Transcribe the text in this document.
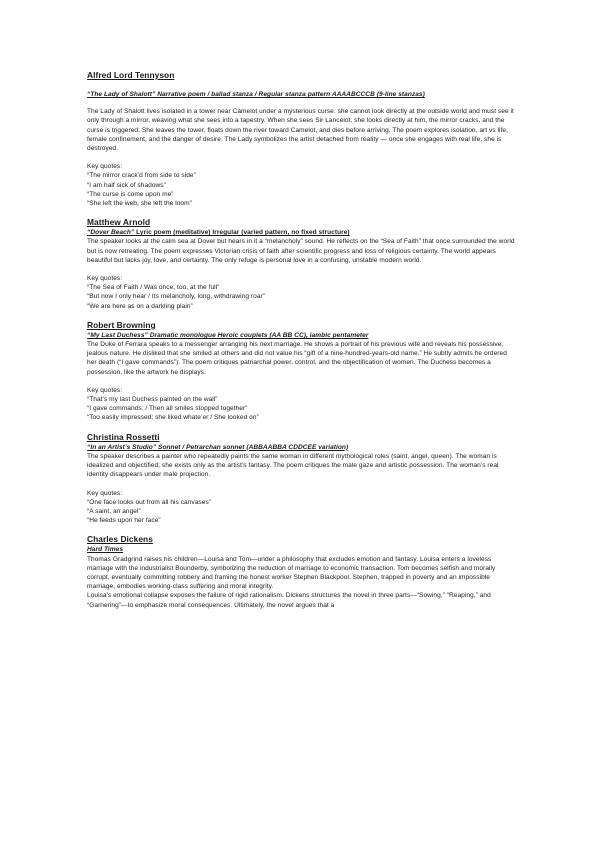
Alfred Lord Tennyson
“The Lady of Shalott” Narrative poem / ballad stanza / Regular stanza pattern AAAABCCCB (9-line stanzas)
The Lady of Shalott lives isolated in a tower near Camelot under a mysterious curse: she cannot look directly at the outside world and must see it only through a mirror, weaving what she sees into a tapestry. When she sees Sir Lancelot, she looks directly at him, the mirror cracks, and the curse is triggered. She leaves the tower, floats down the river toward Camelot, and dies before arriving. The poem explores isolation, art vs life, female confinement, and the danger of desire. The Lady symbolizes the artist detached from reality — once she engages with real life, she is destroyed.
Key quotes:
“The mirror crack’d from side to side”
“I am half sick of shadows”
“The curse is come upon me”
“She left the web, she left the loom”
Matthew Arnold
“Dover Beach” Lyric poem (meditative) Irregular (varied pattern, no fixed structure)
The speaker looks at the calm sea at Dover but hears in it a “melancholy” sound. He reflects on the “Sea of Faith” that once surrounded the world but is now retreating. The poem expresses Victorian crisis of faith after scientific progress and loss of religious certainty. The world appears beautiful but lacks joy, love, and certainty. The only refuge is personal love in a confusing, unstable modern world.
Key quotes:
“The Sea of Faith / Was once, too, at the full”
“But now I only hear / Its melancholy, long, withdrawing roar”
“We are here as on a darkling plain”
Robert Browning
“My Last Duchess” Dramatic monologue Heroic couplets (AA BB CC), iambic pentameter
The Duke of Ferrara speaks to a messenger arranging his next marriage. He shows a portrait of his previous wife and reveals his possessive, jealous nature. He disliked that she smiled at others and did not value his “gift of a nine-hundred-years-old name.” He subtly admits he ordered her death (“I gave commands”). The poem critiques patriarchal power, control, and the objectification of women. The Duchess becomes a possession, like the artwork he displays.
Key quotes:
“That’s my last Duchess painted on the wall”
“I gave commands; / Then all smiles stopped together”
“Too easily impressed; she liked whate’er / She looked on”
Christina Rossetti
“In an Artist’s Studio” Sonnet / Petrarchan sonnet (ABBAABBA CDDCEE variation)
The speaker describes a painter who repeatedly paints the same woman in different mythological roles (saint, angel, queen). The woman is idealized and objectified; she exists only as the artist’s fantasy. The poem critiques the male gaze and artistic possession. The woman’s real identity disappears under male projection.
Key quotes:
“One face looks out from all his canvases”
“A saint, an angel”
“He feeds upon her face”
Charles Dickens
Hard Times
Thomas Gradgrind raises his children—Louisa and Tom—under a philosophy that excludes emotion and fantasy. Louisa enters a loveless marriage with the industrialist Bounderby, symbolizing the reduction of marriage to economic transaction. Tom becomes selfish and morally corrupt, eventually committing robbery and framing the honest worker Stephen Blackpool. Stephen, trapped in poverty and an impossible marriage, embodies working-class suffering and moral integrity.
Louisa’s emotional collapse exposes the failure of rigid rationalism. Dickens structures the novel in three parts—“Sowing,” “Reaping,” and “Garnering”—to emphasize moral consequences. Ultimately, the novel argues that a
